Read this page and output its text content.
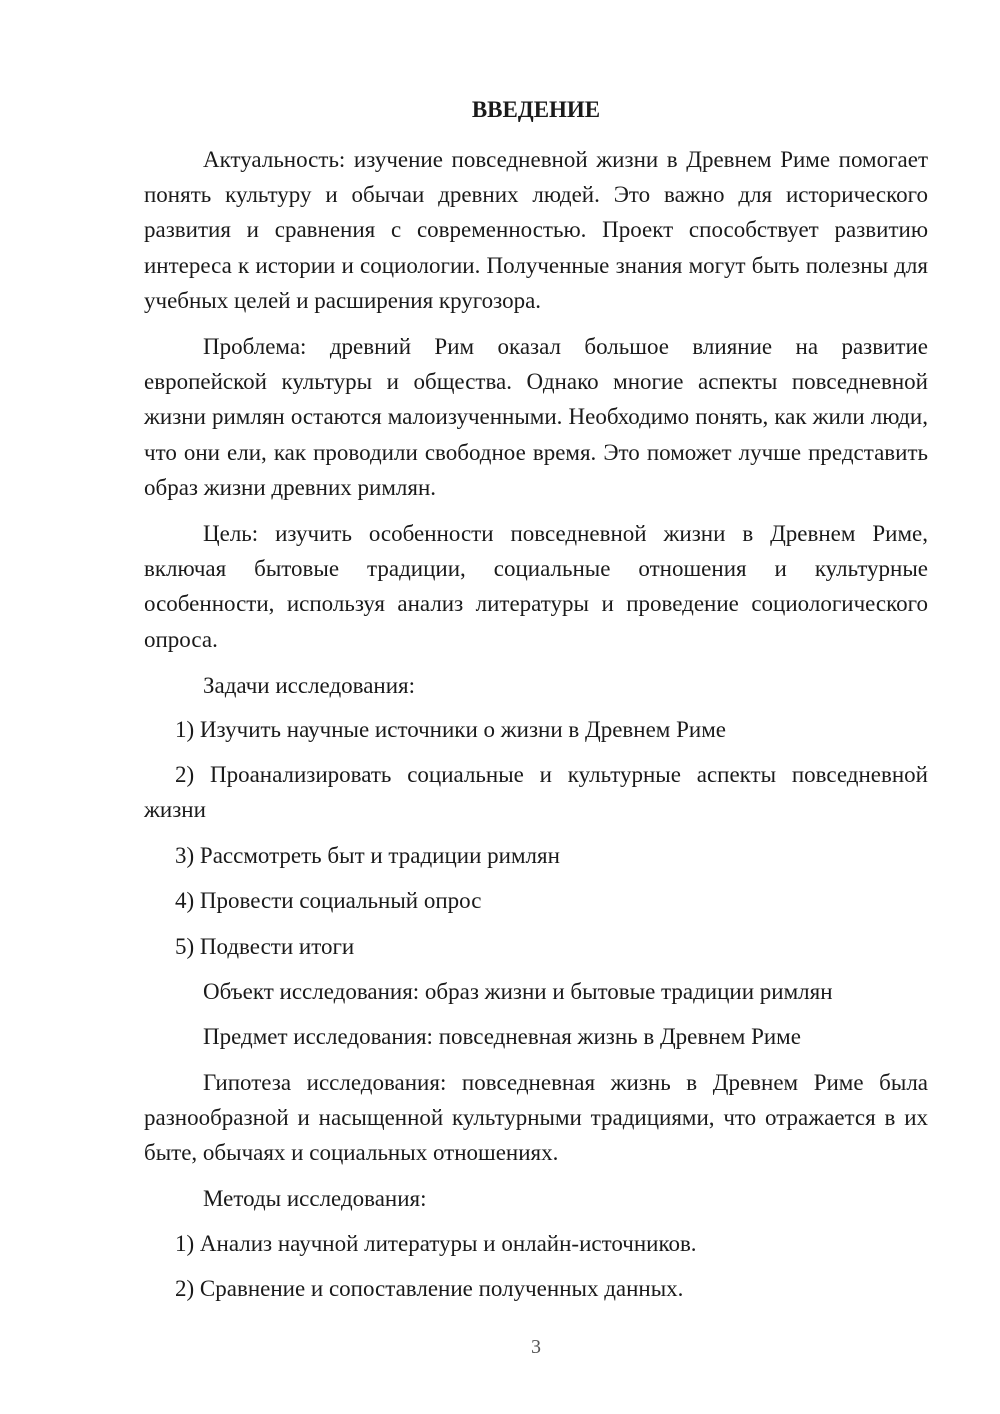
ВВЕДЕНИЕ

Актуальность: изучение повседневной жизни в Древнем Риме помогает понять культуру и обычаи древних людей. Это важно для исторического развития и сравнения с современностью. Проект способствует развитию интереса к истории и социологии. Полученные знания могут быть полезны для учебных целей и расширения кругозора.

Проблема: древний Рим оказал большое влияние на развитие европейской культуры и общества. Однако многие аспекты повседневной жизни римлян остаются малоизученными. Необходимо понять, как жили люди, что они ели, как проводили свободное время. Это поможет лучше представить образ жизни древних римлян.

Цель: изучить особенности повседневной жизни в Древнем Риме, включая бытовые традиции, социальные отношения и культурные особенности, используя анализ литературы и проведение социологического опроса.

Задачи исследования:
1) Изучить научные источники о жизни в Древнем Риме
2) Проанализировать социальные и культурные аспекты повседневной жизни
3) Рассмотреть быт и традиции римлян
4) Провести социальный опрос
5) Подвести итоги
Объект исследования: образ жизни и бытовые традиции римлян
Предмет исследования: повседневная жизнь в Древнем Риме

Гипотеза исследования: повседневная жизнь в Древнем Риме была разнообразной и насыщенной культурными традициями, что отражается в их быте, обычаях и социальных отношениях.

Методы исследования:
1) Анализ научной литературы и онлайн-источников.
2) Сравнение и сопоставление полученных данных.
3
